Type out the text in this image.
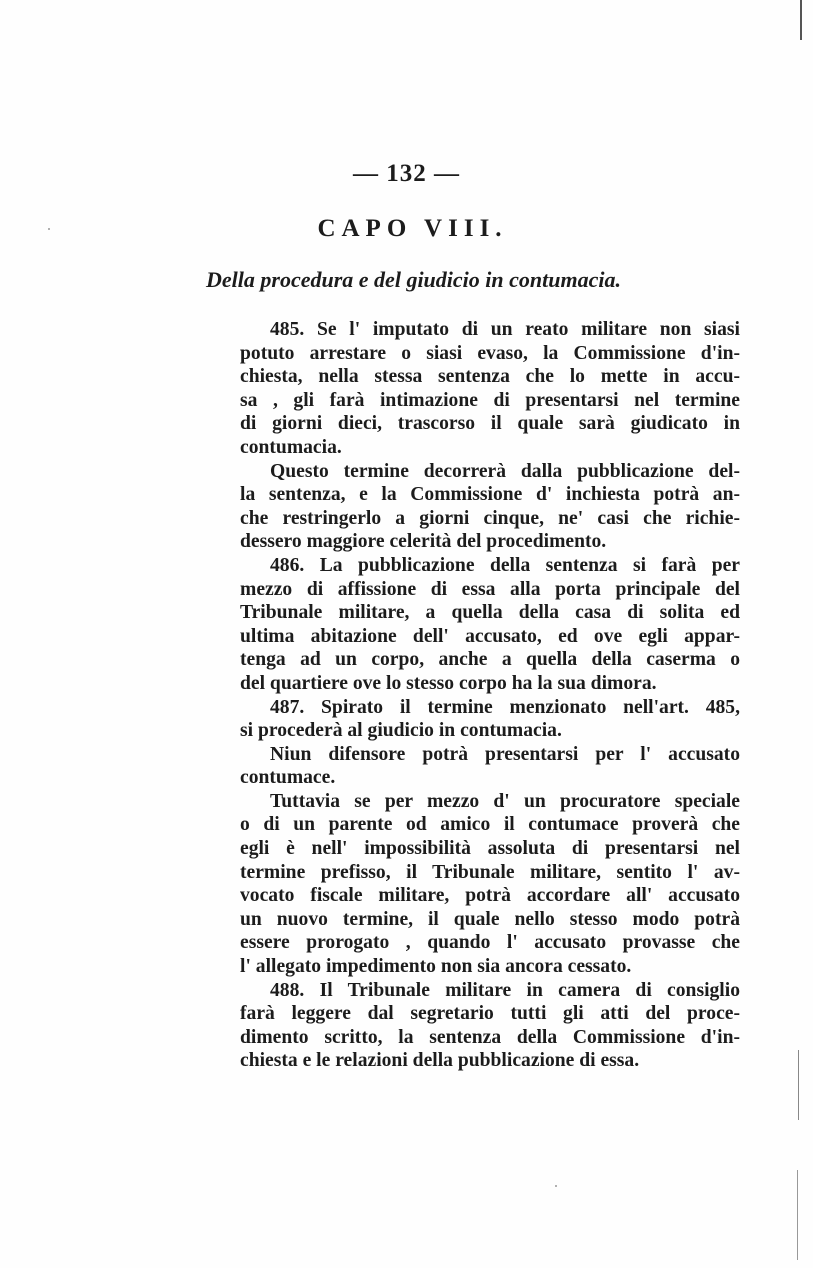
— 132 —
CAPO VIII.
Della procedura e del giudicio in contumacia.
485. Se l' imputato di un reato militare non siasi
potuto arrestare o siasi evaso, la Commissione d'in-
chiesta, nella stessa sentenza che lo mette in accu-
sa , gli farà intimazione di presentarsi nel termine
di giorni dieci, trascorso il quale sarà giudicato in
contumacia.
Questo termine decorrerà dalla pubblicazione del-
la sentenza, e la Commissione d' inchiesta potrà an-
che restringerlo a giorni cinque, ne' casi che richie-
dessero maggiore celerità del procedimento.
486. La pubblicazione della sentenza si farà per
mezzo di affissione di essa alla porta principale del
Tribunale militare, a quella della casa di solita ed
ultima abitazione dell' accusato, ed ove egli appar-
tenga ad un corpo, anche a quella della caserma o
del quartiere ove lo stesso corpo ha la sua dimora.
487. Spirato il termine menzionato nell'art. 485,
si procederà al giudicio in contumacia.
Niun difensore potrà presentarsi per l' accusato
contumace.
Tuttavia se per mezzo d' un procuratore speciale
o di un parente od amico il contumace proverà che
egli è nell' impossibilità assoluta di presentarsi nel
termine prefisso, il Tribunale militare, sentito l' av-
vocato fiscale militare, potrà accordare all' accusato
un nuovo termine, il quale nello stesso modo potrà
essere prorogato , quando l' accusato provasse che
l' allegato impedimento non sia ancora cessato.
488. Il Tribunale militare in camera di consiglio
farà leggere dal segretario tutti gli atti del proce-
dimento scritto, la sentenza della Commissione d'in-
chiesta e le relazioni della pubblicazione di essa.
